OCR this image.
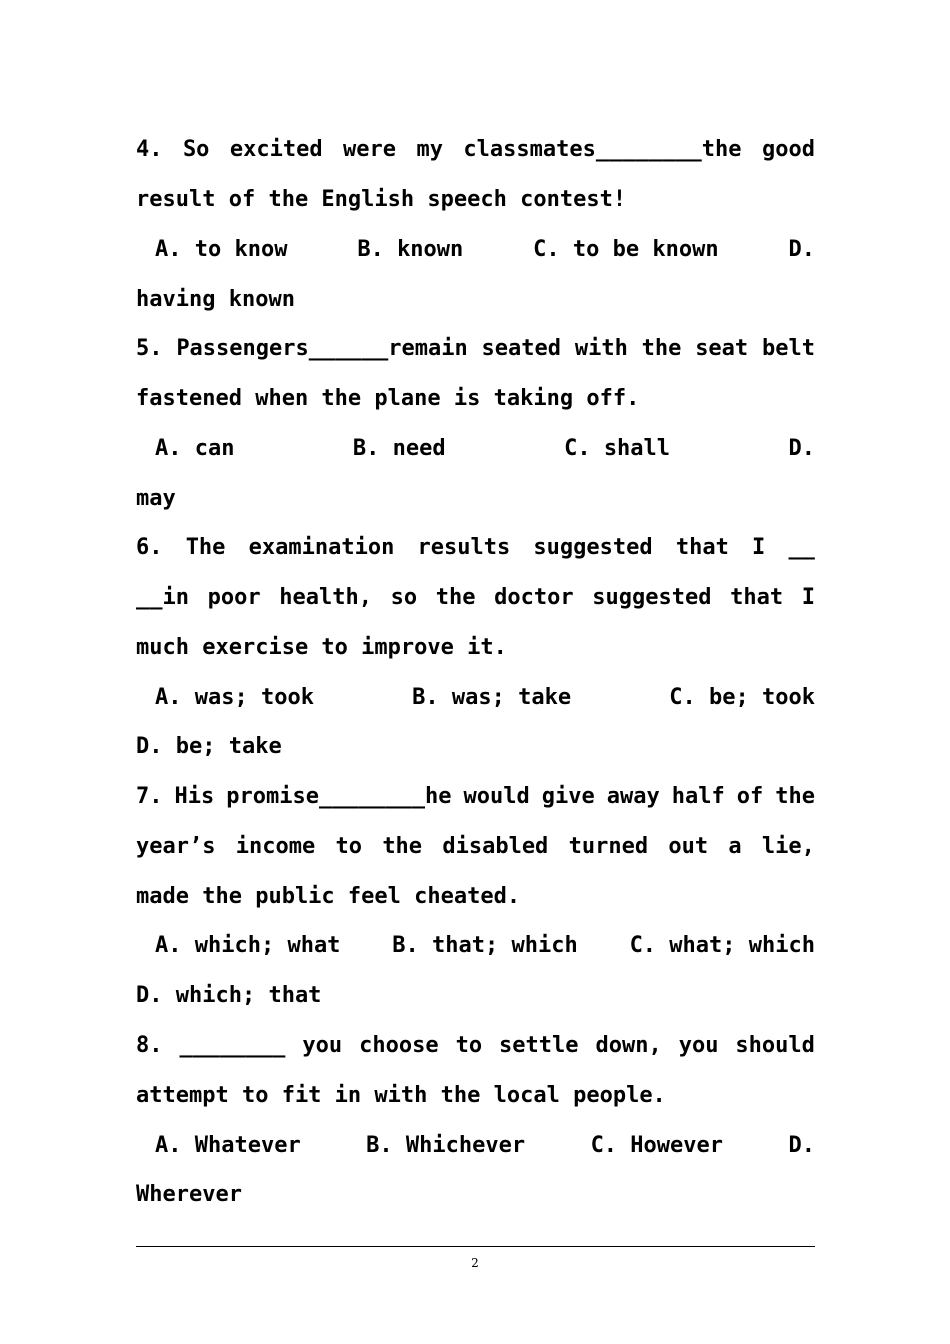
4. So excited were my classmates________the good
result of the English speech contest!
A. to know	B. known	C. to be known	D.
having known
5. Passengers______remain seated with the seat belt
fastened when the plane is taking off.
A. can	B. need	C. shall	D.
may
6. The examination results suggested that I __
__in poor health, so the doctor suggested that I
much exercise to improve it.
A. was; took	B. was; take	C. be; took
D. be; take
7. His promise________he would give away half of the
year’s income to the disabled turned out a lie,
made the public feel cheated.
A. which; what B. that; which C. what; which
D. which; that
8. ________ you choose to settle down, you should
attempt to fit in with the local people.
A. Whatever	B. Whichever	C. However	D.
Wherever
2
